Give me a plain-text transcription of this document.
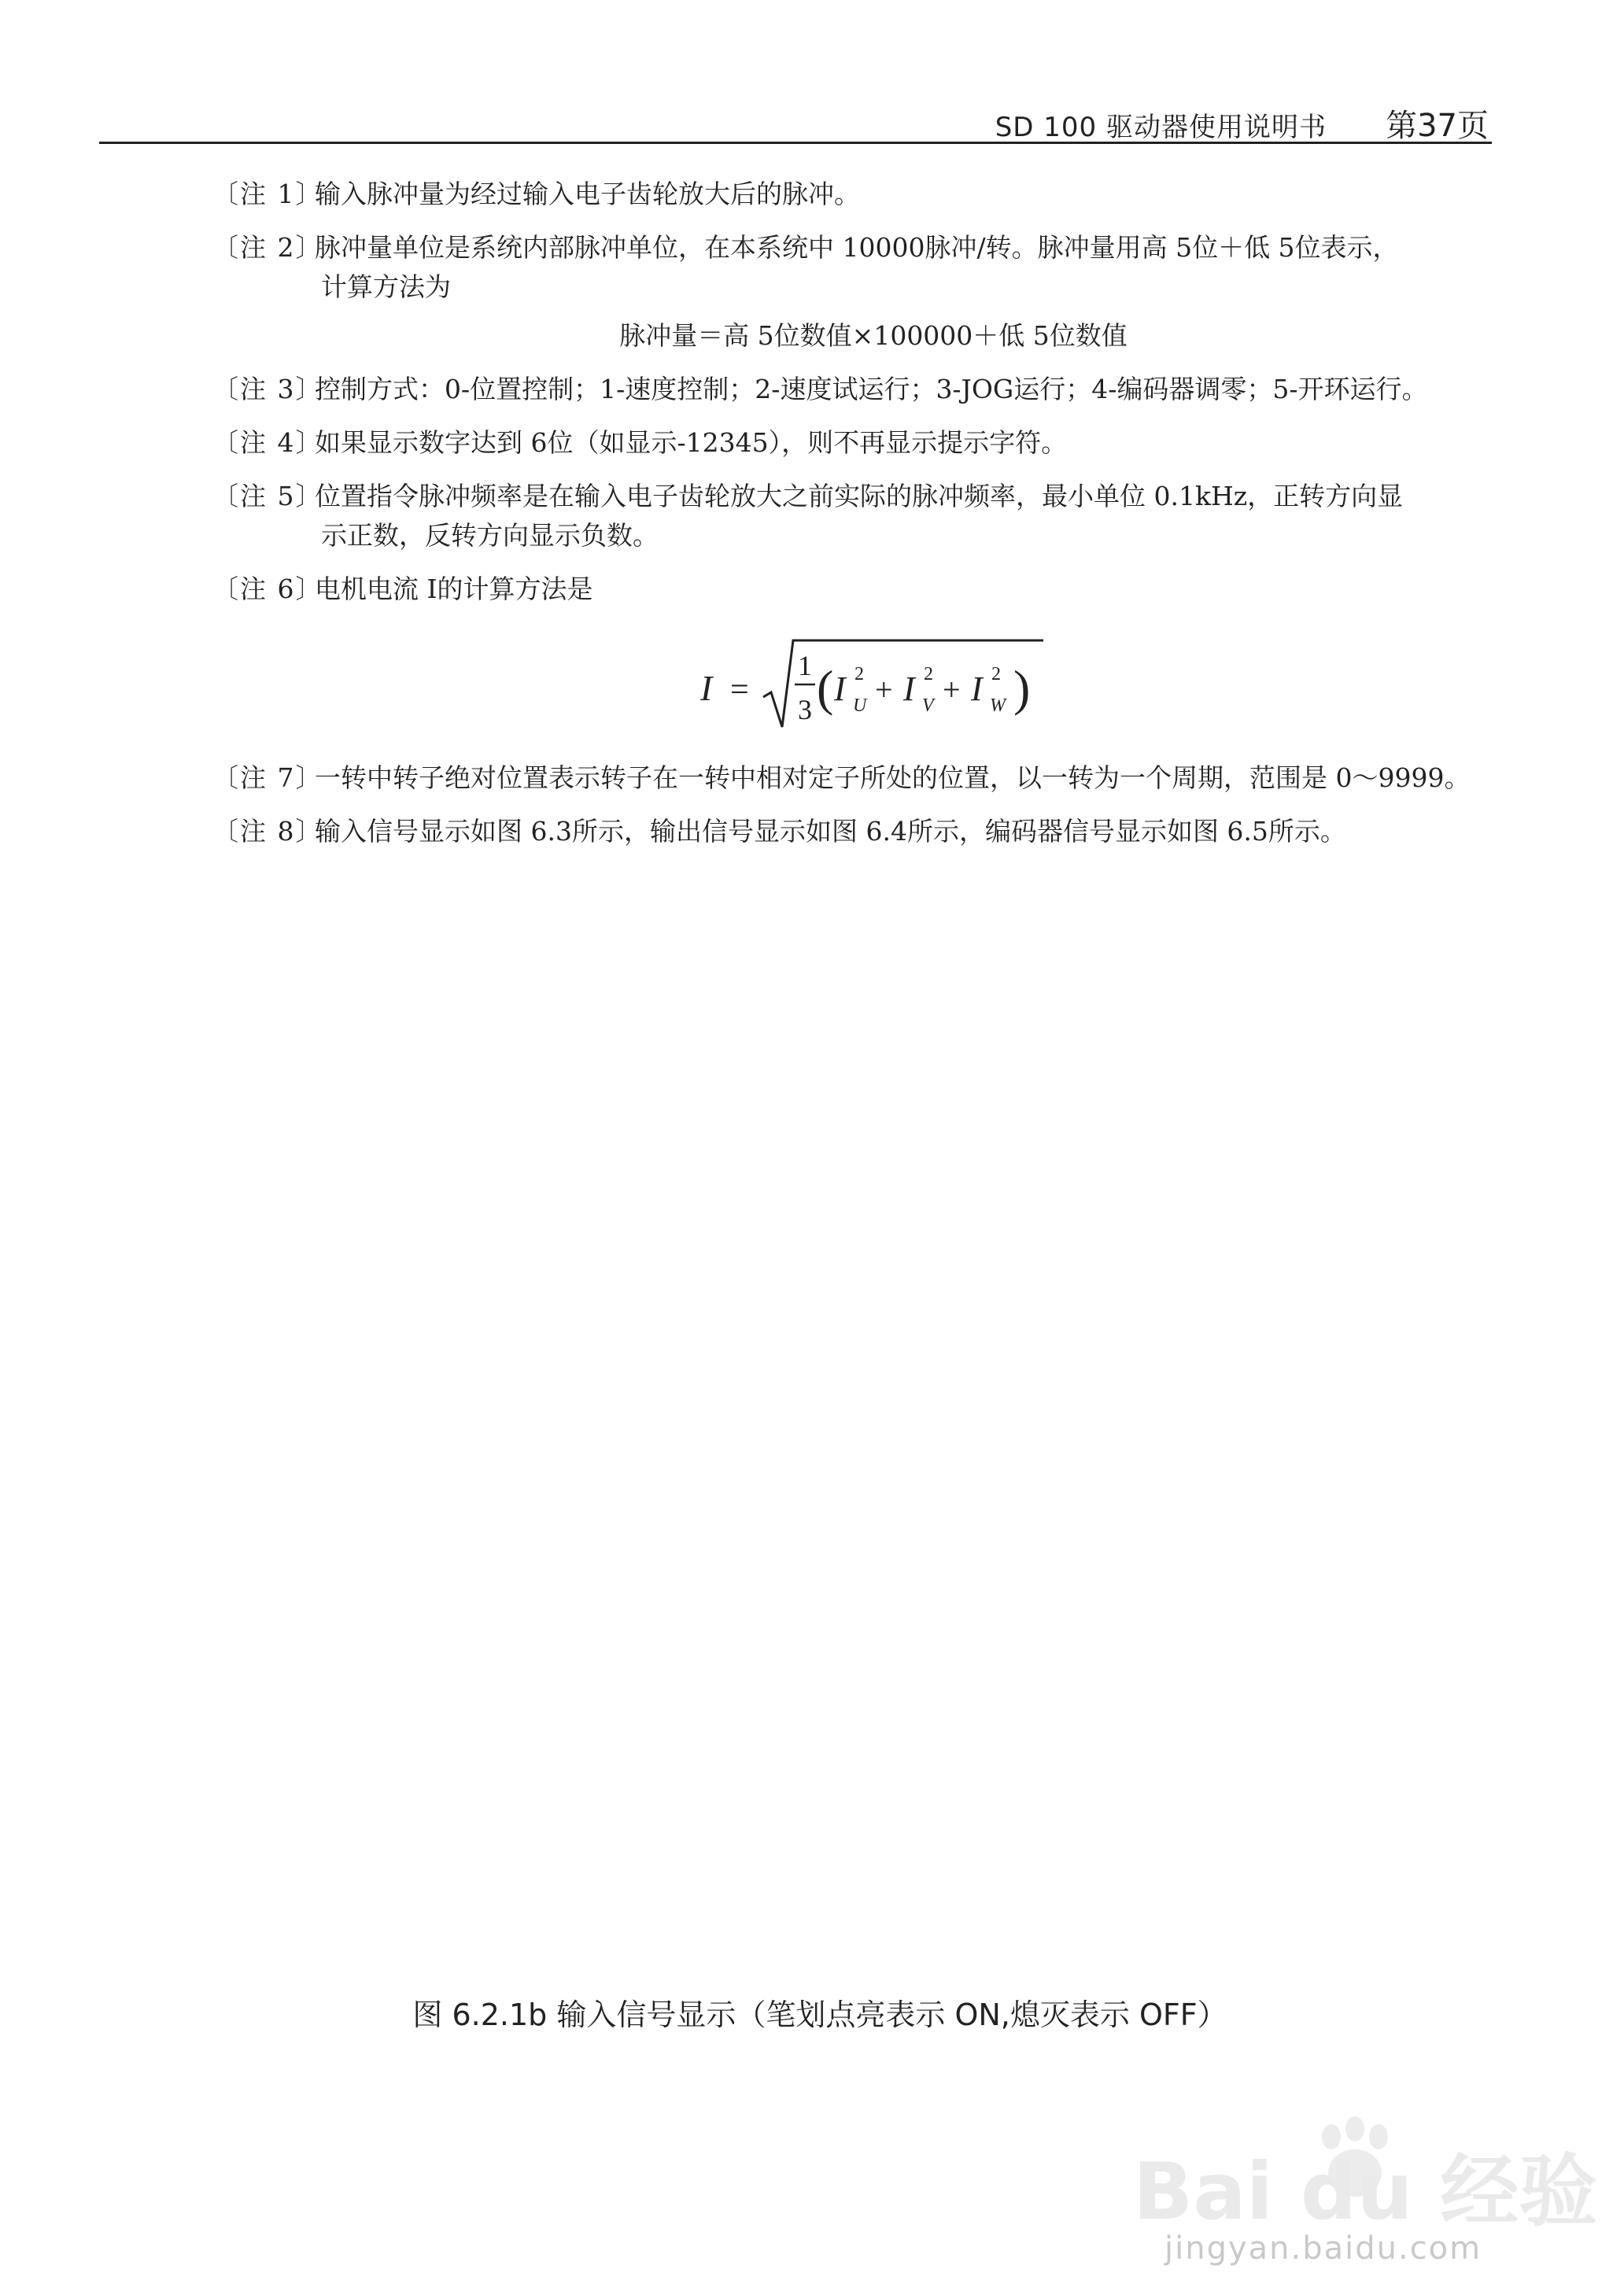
SD 100 驱动器使用说明书 第37页
〔注 1〕输入脉冲量为经过输入电子齿轮放大后的脉冲。
〔注 2〕脉冲量单位是系统内部脉冲单位，在本系统中 10000脉冲/转。脉冲量用高 5位＋低 5位表示，
计算方法为
脉冲量＝高 5位数值×100000＋低 5位数值
〔注 3〕控制方式：0-位置控制；1-速度控制；2-速度试运行；3-JOG运行；4-编码器调零；5-开环运行。
〔注 4〕如果显示数字达到 6位（如显示-12345），则不再显示提示字符。
〔注 5〕位置指令脉冲频率是在输入电子齿轮放大之前实际的脉冲频率，最小单位 0.1kHz，正转方向显
示正数，反转方向显示负数。
〔注 6〕电机电流 I的计算方法是
I =
1
3 ( I 2
U + I 2
V + I 2
W )
〔注 7〕一转中转子绝对位置表示转子在一转中相对定子所处的位置，以一转为一个周期，范围是 0～9999。
〔注 8〕输入信号显示如图 6.3所示，输出信号显示如图 6.4所示，编码器信号显示如图 6.5所示。
图 6.2.1b 输入信号显示（笔划点亮表示 ON,熄灭表示 OFF）
Bai du 经验
jingyan.baidu.com
